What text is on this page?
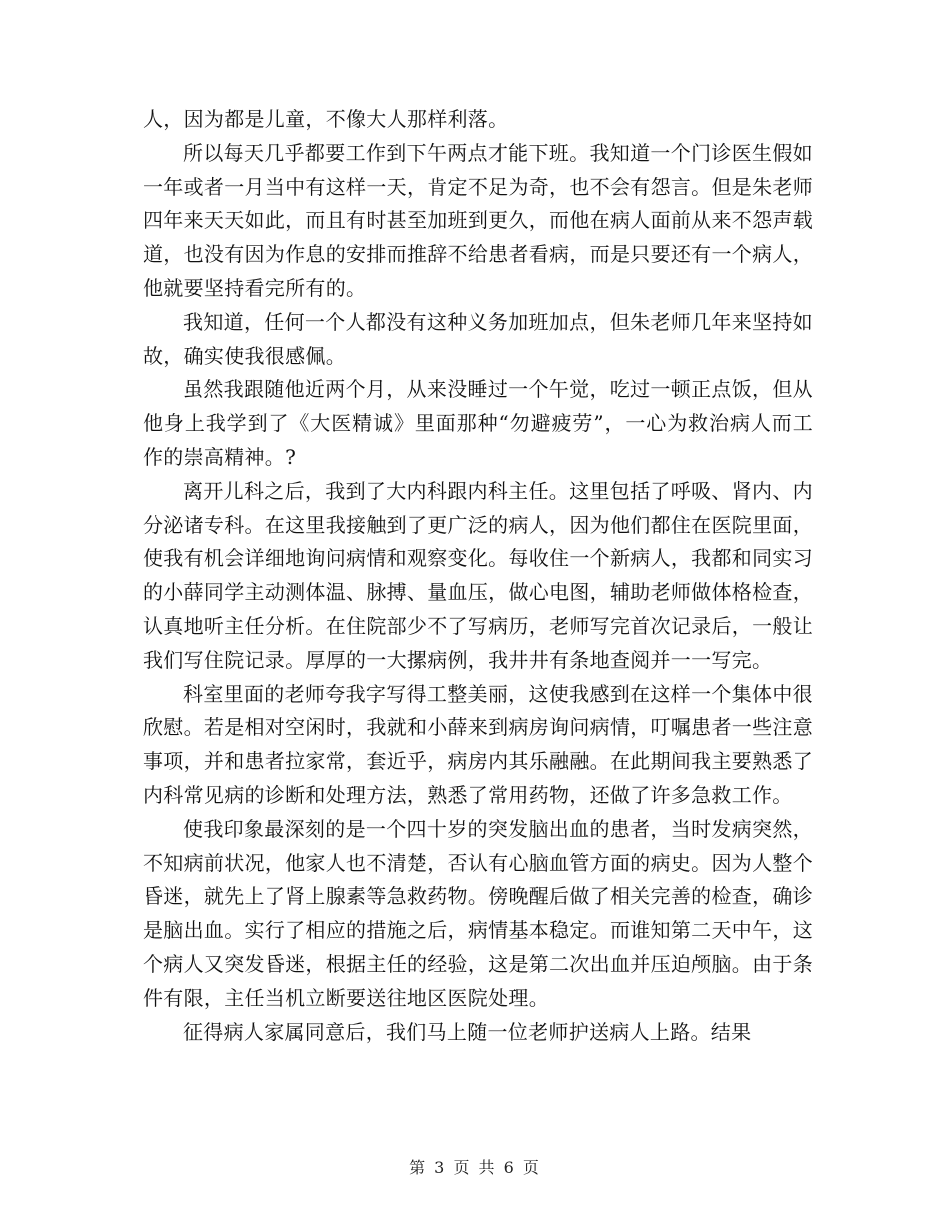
人，因为都是儿童，不像大人那样利落。

所以每天几乎都要工作到下午两点才能下班。我知道一个门诊医生假如一年或者一月当中有这样一天，肯定不足为奇，也不会有怨言。但是朱老师四年来天天如此，而且有时甚至加班到更久，而他在病人面前从来不怨声载道，也没有因为作息的安排而推辞不给患者看病，而是只要还有一个病人，他就要坚持看完所有的。

我知道，任何一个人都没有这种义务加班加点，但朱老师几年来坚持如故，确实使我很感佩。

虽然我跟随他近两个月，从来没睡过一个午觉，吃过一顿正点饭，但从他身上我学到了《大医精诚》里面那种“勿避疲劳”，一心为救治病人而工作的崇高精神。?

离开儿科之后，我到了大内科跟内科主任。这里包括了呼吸、肾内、内分泌诸专科。在这里我接触到了更广泛的病人，因为他们都住在医院里面，使我有机会详细地询问病情和观察变化。每收住一个新病人，我都和同实习的小薛同学主动测体温、脉搏、量血压，做心电图，辅助老师做体格检查，认真地听主任分析。在住院部少不了写病历，老师写完首次记录后，一般让我们写住院记录。厚厚的一大摞病例，我井井有条地查阅并一一写完。

科室里面的老师夸我字写得工整美丽，这使我感到在这样一个集体中很欣慰。若是相对空闲时，我就和小薛来到病房询问病情，叮嘱患者一些注意事项，并和患者拉家常，套近乎，病房内其乐融融。在此期间我主要熟悉了内科常见病的诊断和处理方法，熟悉了常用药物，还做了许多急救工作。

使我印象最深刻的是一个四十岁的突发脑出血的患者，当时发病突然，不知病前状况，他家人也不清楚，否认有心脑血管方面的病史。因为人整个昏迷，就先上了肾上腺素等急救药物。傍晚醒后做了相关完善的检查，确诊是脑出血。实行了相应的措施之后，病情基本稳定。而谁知第二天中午，这个病人又突发昏迷，根据主任的经验，这是第二次出血并压迫颅脑。由于条件有限，主任当机立断要送往地区医院处理。

征得病人家属同意后，我们马上随一位老师护送病人上路。结果

第 3 页 共 6 页
